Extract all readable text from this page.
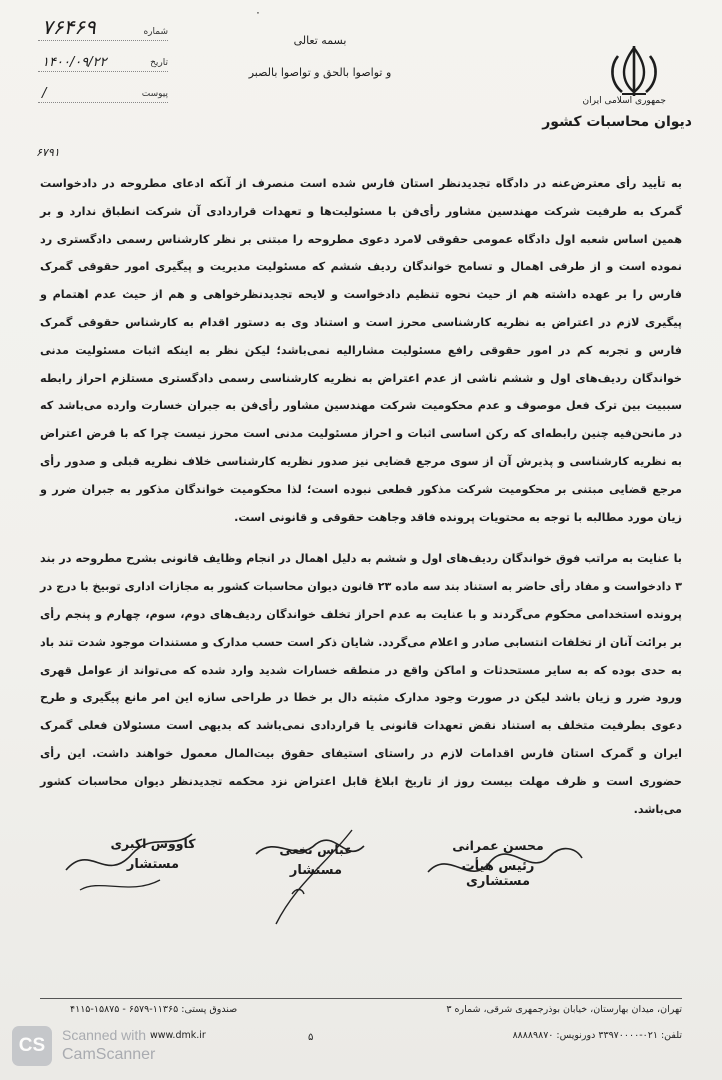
۰
جمهوری اسلامی ایران
دیوان محاسبات کشور
بسمه تعالی
و تواصوا بالحق و تواصوا بالصبر
شماره
۷۶۴۶۹
تاریخ
۱۴۰۰/۰۹/۲۲
پیوست
/
۶۷۹۱

به تأیید رأی معترض‌عنه در دادگاه تجدیدنظر استان فارس شده است منصرف از آنکه ادعای مطروحه در دادخواست گمرک به طرفیت شرکت مهندسین مشاور رأی‌فن با مسئولیت‌ها و تعهدات قراردادی آن شرکت انطباق ندارد و بر همین اساس شعبه اول دادگاه عمومی حقوقی لامرد دعوی مطروحه را مبتنی بر نظر کارشناس رسمی دادگستری رد نموده است و از طرفی اهمال و تسامح خواندگان ردیف ششم که مسئولیت مدیریت و پیگیری امور حقوقی گمرک فارس را بر عهده داشته هم از حیث نحوه تنظیم دادخواست و لایحه تجدیدنظرخواهی و هم از حیث عدم اهتمام و پیگیری لازم در اعتراض به نظریه کارشناسی محرز است و استناد وی به دستور اقدام به کارشناس حقوقی گمرک فارس و تجربه کم در امور حقوقی رافع مسئولیت مشارالیه نمی‌باشد؛ لیکن نظر به اینکه اثبات مسئولیت مدنی خواندگان ردیف‌های اول و ششم ناشی از عدم اعتراض به نظریه کارشناسی رسمی دادگستری مستلزم احراز رابطه سببیت بین ترک فعل موصوف و عدم محکومیت شرکت مهندسین مشاور رأی‌فن به جبران خسارت وارده می‌باشد که در ما‌نحن‌فیه چنین رابطه‌ای که رکن اساسی اثبات و احراز مسئولیت مدنی است محرز نیست چرا که با فرض اعتراض به نظریه کارشناسی و پذیرش آن از سوی مرجع قضایی نیز صدور نظریه کارشناسی خلاف نظریه قبلی و صدور رأی مرجع قضایی مبتنی بر محکومیت شرکت مذکور قطعی نبوده است؛ لذا محکومیت خواندگان مذکور به جبران ضرر و زیان مورد مطالبه با توجه به محتویات پرونده فاقد وجاهت حقوقی و قانونی است.

با عنایت به مراتب فوق خواندگان ردیف‌های اول و ششم به دلیل اهمال در انجام وظایف قانونی بشرح مطروحه در بند ۳ دادخواست و مفاد رأی حاضر به استناد بند سه ماده ۲۳ قانون دیوان محاسبات کشور به مجازات اداری توبیخ با درج در پرونده استخدامی محکوم می‌گردند و با عنایت به عدم احراز تخلف خواندگان ردیف‌های دوم، سوم، چهارم و پنجم رأی بر برائت آنان از تخلفات انتسابی صادر و اعلام می‌گردد. شایان ذکر است حسب مدارک و مستندات موجود شدت تند باد به حدی بوده که به سایر مستحدثات و اماکن واقع در منطقه خسارات شدید وارد شده که می‌تواند از عوامل قهری ورود ضرر و زیان باشد لیکن در صورت وجود مدارک مثبته دال بر خطا در طراحی سازه این امر مانع پیگیری و طرح دعوی بطرفیت متخلف به استناد نقض تعهدات قانونی یا قراردادی نمی‌باشد که بدیهی است مسئولان فعلی گمرک ایران و گمرک استان فارس اقدامات لازم در راستای استیفای حقوق بیت‌المال معمول خواهند داشت. این رأی حضوری است و ظرف مهلت بیست روز از تاریخ ابلاغ قابل اعتراض نزد محکمه تجدیدنظر دیوان محاسبات کشور می‌باشد.

محسن عمرانی
رئیس هیأت مستشاری
عباس نخعی
مستشار
کاووس اکبری
مستشار
تهران، میدان بهارستان، خیابان بوذرجمهری شرقی، شماره ۳
تلفن: ۰۲۱-۳۳۹۷۰۰۰۰ دورنویس: ۸۸۸۸۹۸۷۰
صندوق پستی: ۱۱۳۶۵-۶۵۷۹ - ۱۵۸۷۵-۴۱۱۵
www.dmk.ir	۵
CS	Scanned with
CamScanner
